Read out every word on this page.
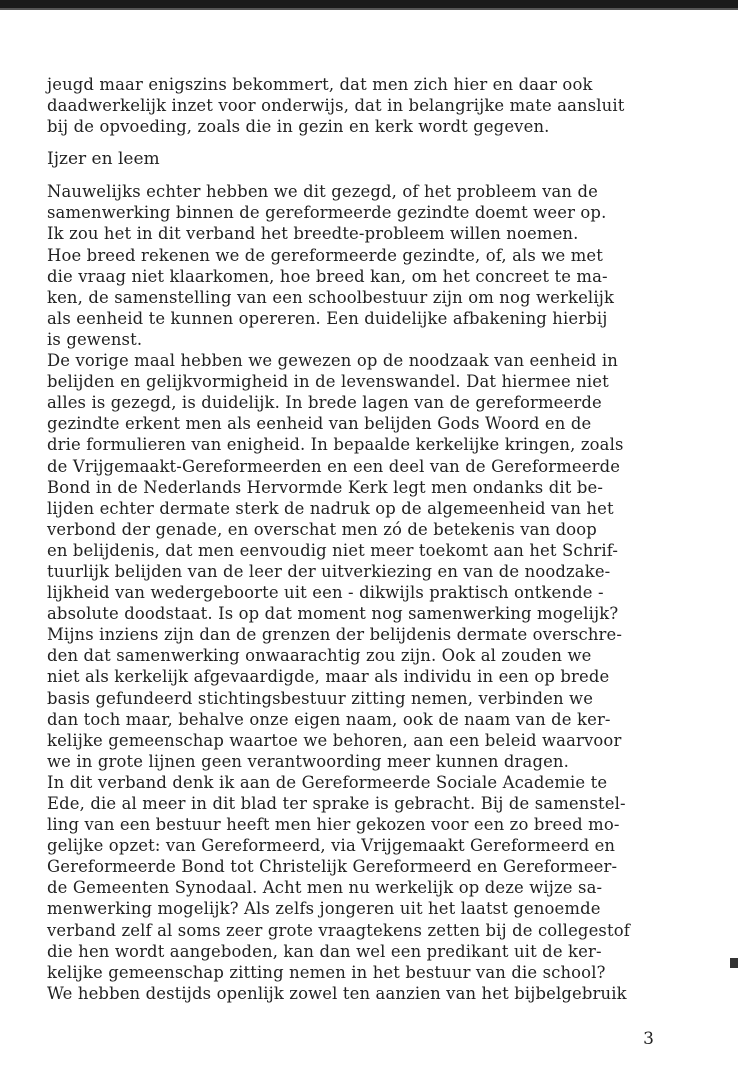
jeugd maar enigszins bekommert, dat men zich hier en daar ook
daadwerkelijk inzet voor onderwijs, dat in belangrijke mate aansluit
bij de opvoeding, zoals die in gezin en kerk wordt gegeven.
Ijzer en leem
Nauwelijks echter hebben we dit gezegd, of het probleem van de
samenwerking binnen de gereformeerde gezindte doemt weer op.
Ik zou het in dit verband het breedte-probleem willen noemen.
Hoe breed rekenen we de gereformeerde gezindte, of, als we met
die vraag niet klaarkomen, hoe breed kan, om het concreet te ma-
ken, de samenstelling van een schoolbestuur zijn om nog werkelijk
als eenheid te kunnen opereren. Een duidelijke afbakening hierbij
is gewenst.
De vorige maal hebben we gewezen op de noodzaak van eenheid in
belijden en gelijkvormigheid in de levenswandel. Dat hiermee niet
alles is gezegd, is duidelijk. In brede lagen van de gereformeerde
gezindte erkent men als eenheid van belijden Gods Woord en de
drie formulieren van enigheid. In bepaalde kerkelijke kringen, zoals
de Vrijgemaakt-Gereformeerden en een deel van de Gereformeerde
Bond in de Nederlands Hervormde Kerk legt men ondanks dit be-
lijden echter dermate sterk de nadruk op de algemeenheid van het
verbond der genade, en overschat men zó de betekenis van doop
en belijdenis, dat men eenvoudig niet meer toekomt aan het Schrif-
tuurlijk belijden van de leer der uitverkiezing en van de noodzake-
lijkheid van wedergeboorte uit een - dikwijls praktisch ontkende -
absolute doodstaat. Is op dat moment nog samenwerking mogelijk?
Mijns inziens zijn dan de grenzen der belijdenis dermate overschre-
den dat samenwerking onwaarachtig zou zijn. Ook al zouden we
niet als kerkelijk afgevaardigde, maar als individu in een op brede
basis gefundeerd stichtingsbestuur zitting nemen, verbinden we
dan toch maar, behalve onze eigen naam, ook de naam van de ker-
kelijke gemeenschap waartoe we behoren, aan een beleid waarvoor
we in grote lijnen geen verantwoording meer kunnen dragen.
In dit verband denk ik aan de Gereformeerde Sociale Academie te
Ede, die al meer in dit blad ter sprake is gebracht. Bij de samenstel-
ling van een bestuur heeft men hier gekozen voor een zo breed mo-
gelijke opzet: van Gereformeerd, via Vrijgemaakt Gereformeerd en
Gereformeerde Bond tot Christelijk Gereformeerd en Gereformeer-
de Gemeenten Synodaal. Acht men nu werkelijk op deze wijze sa-
menwerking mogelijk? Als zelfs jongeren uit het laatst genoemde
verband zelf al soms zeer grote vraagtekens zetten bij de collegestof
die hen wordt aangeboden, kan dan wel een predikant uit de ker-
kelijke gemeenschap zitting nemen in het bestuur van die school?
We hebben destijds openlijk zowel ten aanzien van het bijbelgebruik
3
